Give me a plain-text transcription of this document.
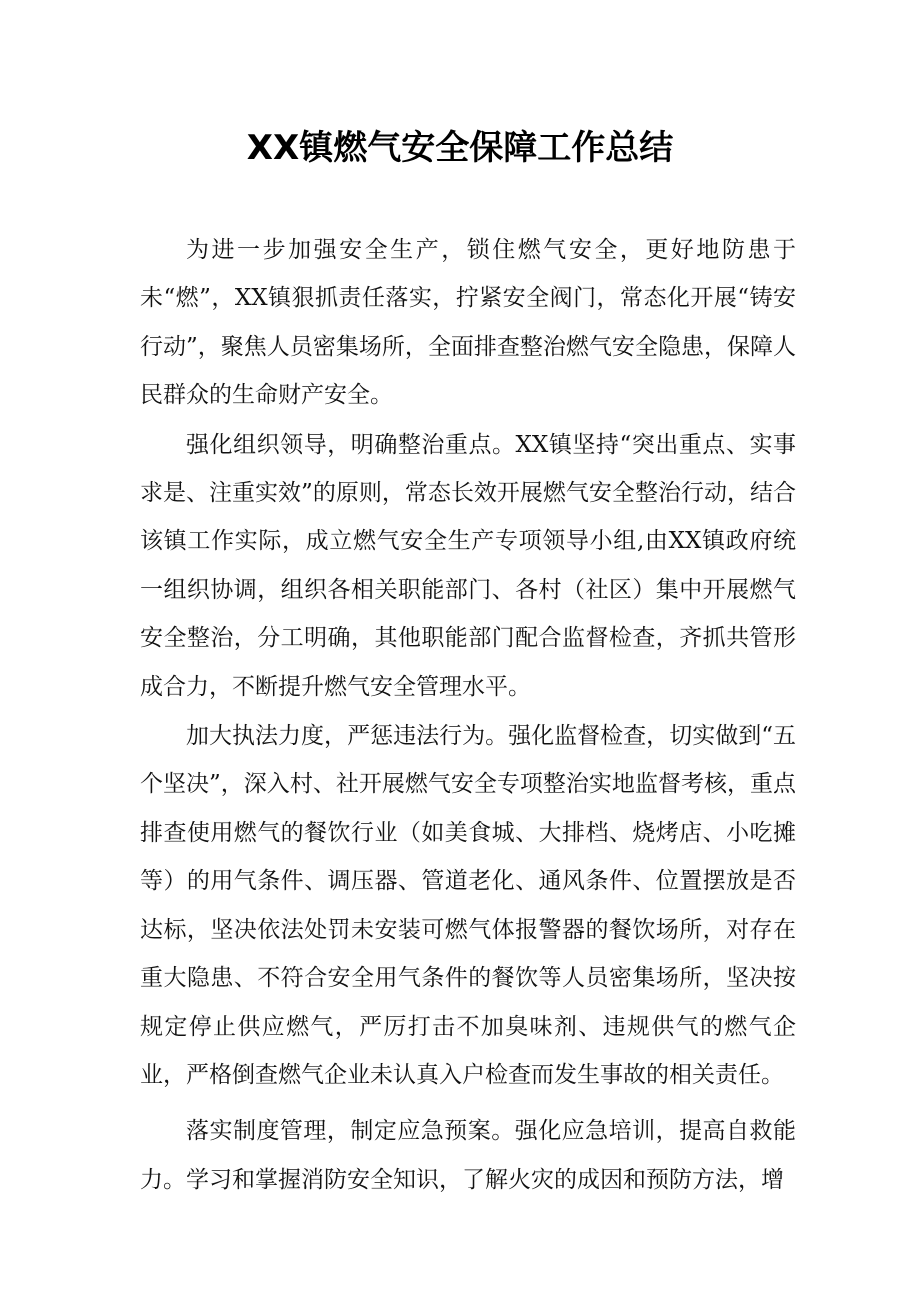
XX镇燃气安全保障工作总结

为进一步加强安全生产，锁住燃气安全，更好地防患于未“燃”，XX镇狠抓责任落实，拧紧安全阀门，常态化开展“铸安行动”，聚焦人员密集场所，全面排查整治燃气安全隐患，保障人民群众的生命财产安全。

强化组织领导，明确整治重点。XX镇坚持“突出重点、实事求是、注重实效”的原则，常态长效开展燃气安全整治行动，结合该镇工作实际，成立燃气安全生产专项领导小组,由XX镇政府统一组织协调，组织各相关职能部门、各村（社区）集中开展燃气安全整治，分工明确，其他职能部门配合监督检查，齐抓共管形成合力，不断提升燃气安全管理水平。

加大执法力度，严惩违法行为。强化监督检查，切实做到“五个坚决”，深入村、社开展燃气安全专项整治实地监督考核，重点排查使用燃气的餐饮行业（如美食城、大排档、烧烤店、小吃摊等）的用气条件、调压器、管道老化、通风条件、位置摆放是否达标，坚决依法处罚未安装可燃气体报警器的餐饮场所，对存在重大隐患、不符合安全用气条件的餐饮等人员密集场所，坚决按规定停止供应燃气，严厉打击不加臭味剂、违规供气的燃气企业，严格倒查燃气企业未认真入户检查而发生事故的相关责任。

落实制度管理，制定应急预案。强化应急培训，提高自救能力。学习和掌握消防安全知识，了解火灾的成因和预防方法，增
